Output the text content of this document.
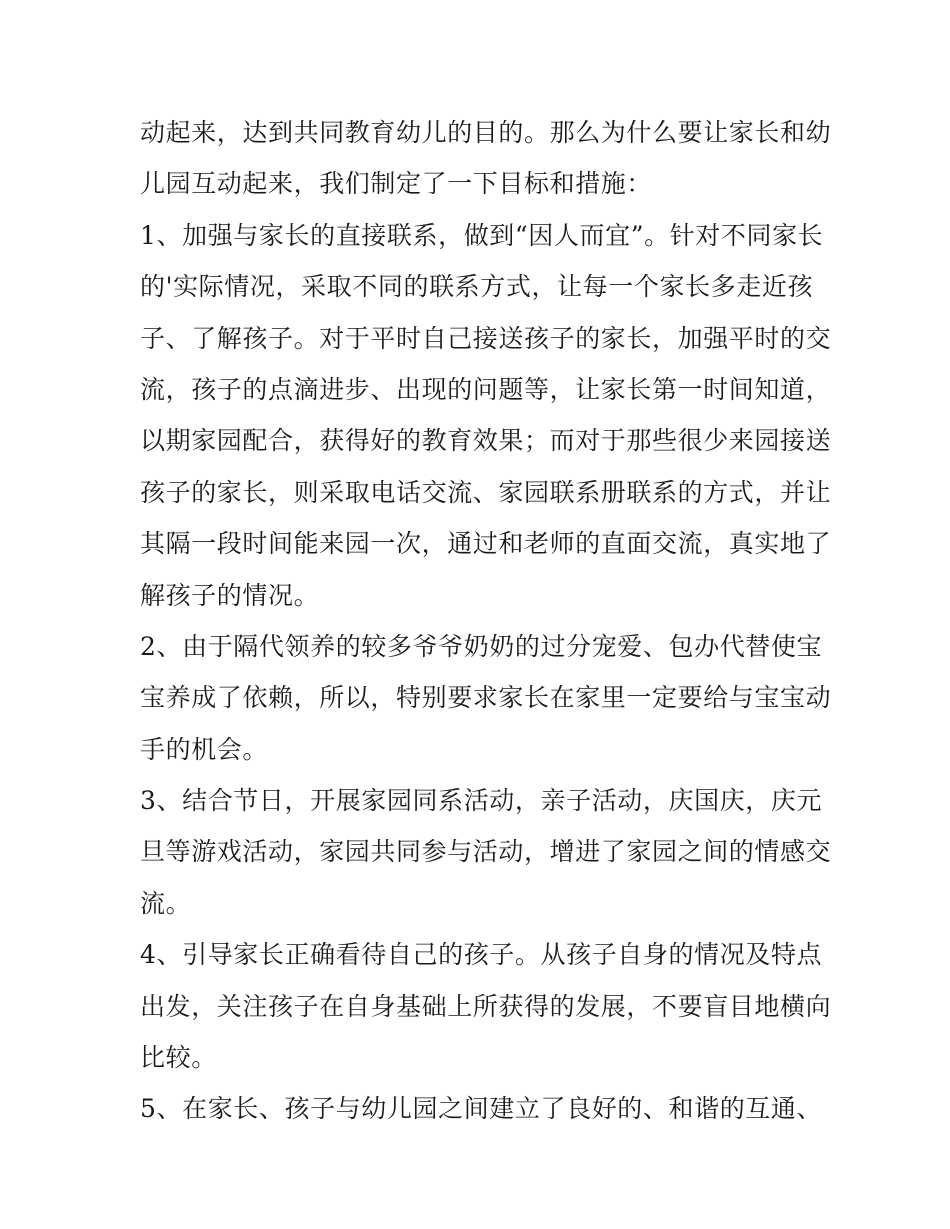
动起来，达到共同教育幼儿的目的。那么为什么要让家长和幼
儿园互动起来，我们制定了一下目标和措施：
1、加强与家长的直接联系，做到“因人而宜”。针对不同家长
的'实际情况，采取不同的联系方式，让每一个家长多走近孩
子、了解孩子。对于平时自己接送孩子的家长，加强平时的交
流，孩子的点滴进步、出现的问题等，让家长第一时间知道，
以期家园配合，获得好的教育效果；而对于那些很少来园接送
孩子的家长，则采取电话交流、家园联系册联系的方式，并让
其隔一段时间能来园一次，通过和老师的直面交流，真实地了
解孩子的情况。
2、由于隔代领养的较多爷爷奶奶的过分宠爱、包办代替使宝
宝养成了依赖，所以，特别要求家长在家里一定要给与宝宝动
手的机会。
3、结合节日，开展家园同系活动，亲子活动，庆国庆，庆元
旦等游戏活动，家园共同参与活动，增进了家园之间的情感交
流。
4、引导家长正确看待自己的孩子。从孩子自身的情况及特点
出发，关注孩子在自身基础上所获得的发展，不要盲目地横向
比较。
5、在家长、孩子与幼儿园之间建立了良好的、和谐的互通、
